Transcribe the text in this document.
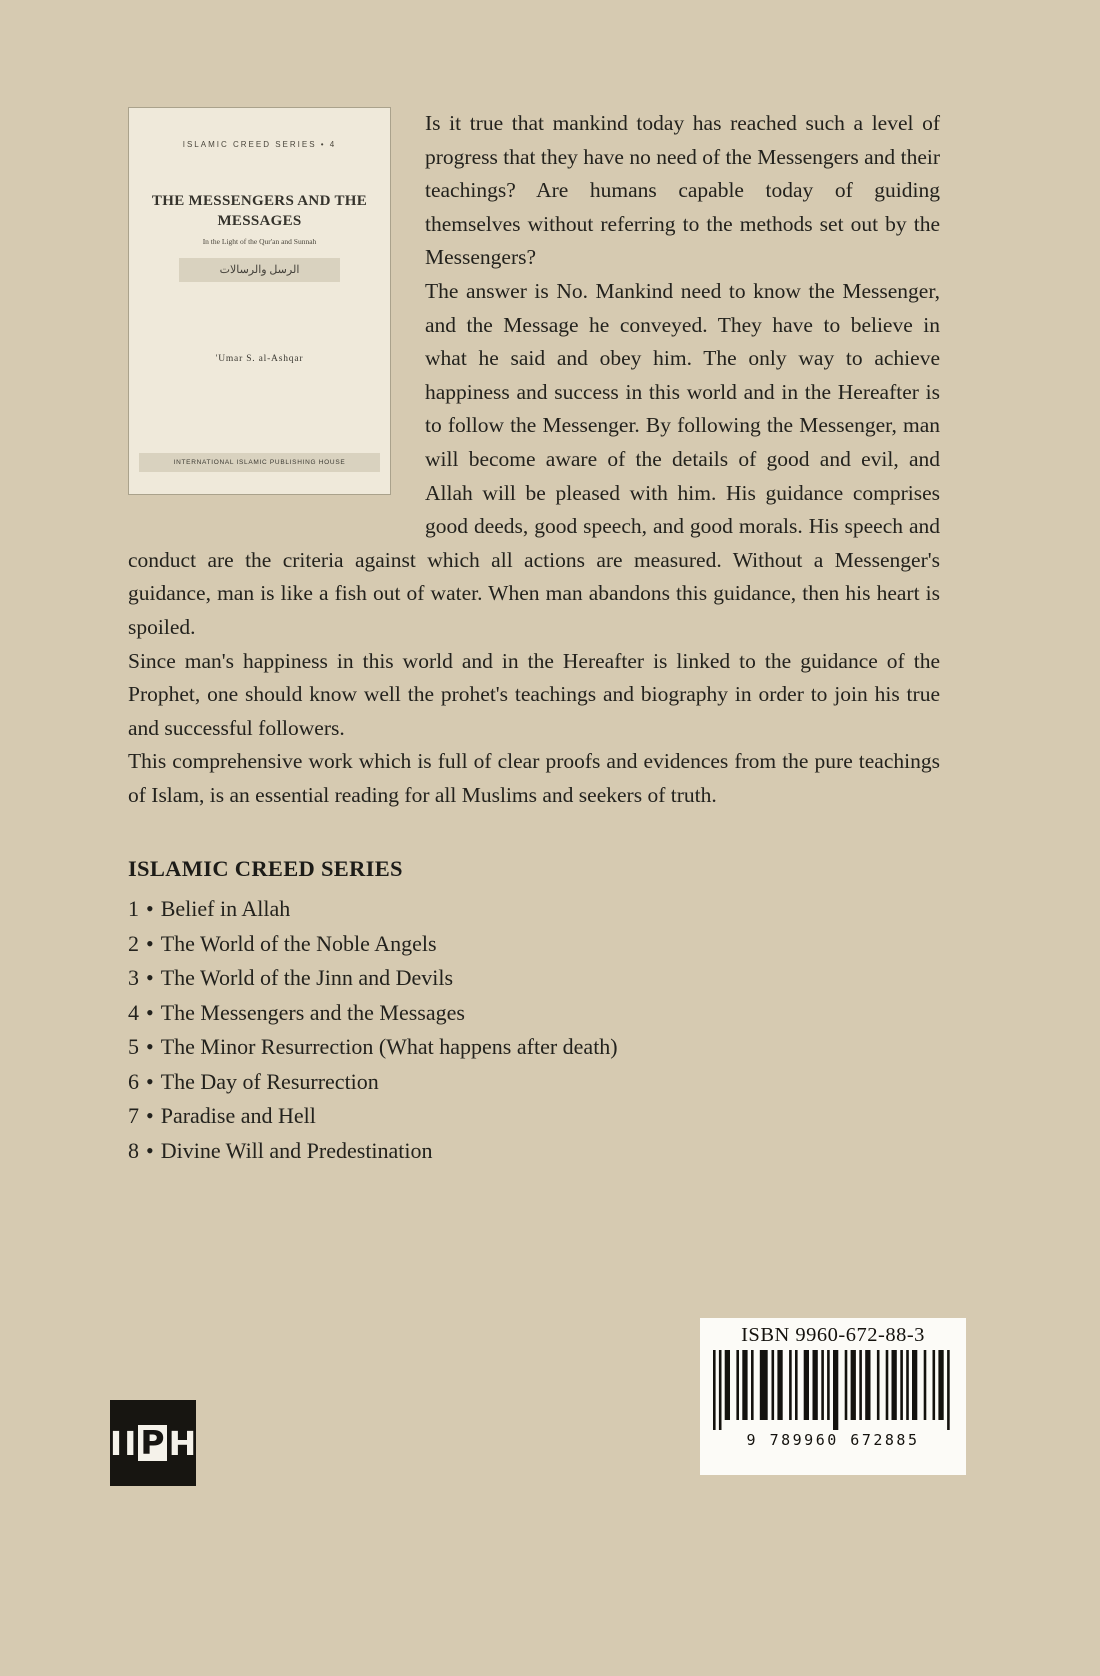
ISLAMIC CREED SERIES • 4
THE MESSENGERS AND THE MESSAGES
In the Light of the Qur'an and Sunnah
الرسل والرسالات
'Umar S. al-Ashqar
INTERNATIONAL ISLAMIC PUBLISHING HOUSE

Is it true that mankind today has reached such a level of progress that they have no need of the Messengers and their teachings? Are humans capable today of guiding themselves without referring to the methods set out by the Messengers?

The answer is No. Mankind need to know the Messenger, and the Message he conveyed. They have to believe in what he said and obey him. The only way to achieve happiness and success in this world and in the Hereafter is to follow the Messenger. By following the Messenger, man will become aware of the details of good and evil, and Allah will be pleased with him. His guidance comprises good deeds, good speech, and good morals. His speech and conduct are the criteria against which all actions are measured. Without a Messenger's guidance, man is like a fish out of water. When man abandons this guidance, then his heart is spoiled.

Since man's happiness in this world and in the Hereafter is linked to the guidance of the Prophet, one should know well the prohet's teachings and biography in order to join his true and successful followers.

This comprehensive work which is full of clear proofs and evidences from the pure teachings of Islam, is an essential reading for all Muslims and seekers of truth.

ISLAMIC CREED SERIES
1 • Belief in Allah
2 • The World of the Noble Angels
3 • The World of the Jinn and Devils
4 • The Messengers and the Messages
5 • The Minor Resurrection (What happens after death)
6 • The Day of Resurrection
7 • Paradise and Hell
8 • Divine Will and Predestination
ISBN 9960-672-88-3
9 789960 672885
I I P H
